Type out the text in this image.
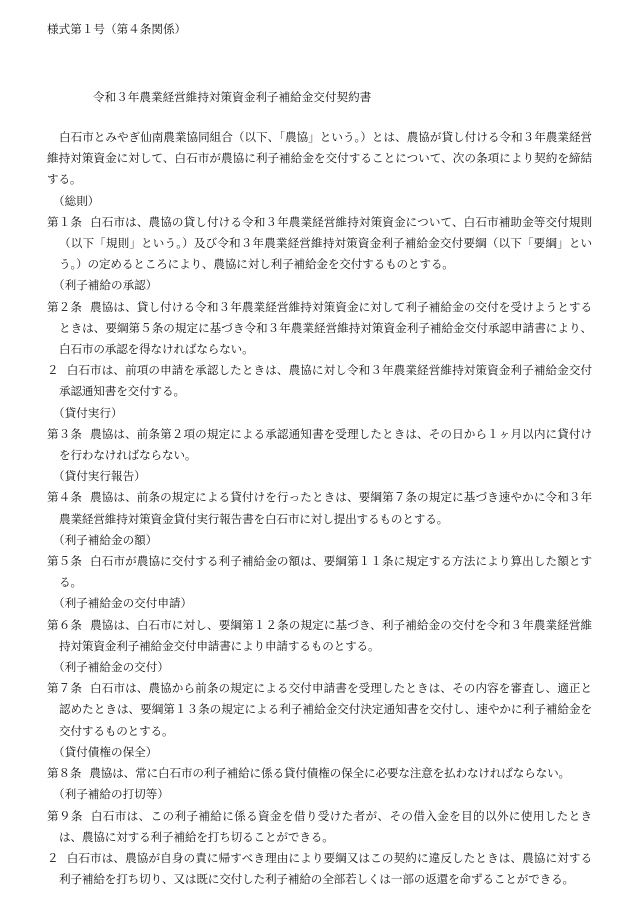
様式第１号（第４条関係）
令和３年農業経営維持対策資金利子補給金交付契約書

白石市とみやぎ仙南農業協同組合（以下、「農協」という。）とは、農協が貸し付ける令和３年農業経営維持対策資金に対して、白石市が農協に利子補給金を交付することについて、次の条項により契約を締結する。

（総則）

第１条 白石市は、農協の貸し付ける令和３年農業経営維持対策資金について、白石市補助金等交付規則（以下「規則」という。）及び令和３年農業経営維持対策資金利子補給金交付要綱（以下「要綱」という。）の定めるところにより、農協に対し利子補給金を交付するものとする。

（利子補給の承認）

第２条 農協は、貸し付ける令和３年農業経営維持対策資金に対して利子補給金の交付を受けようとするときは、要綱第５条の規定に基づき令和３年農業経営維持対策資金利子補給金交付承認申請書により、白石市の承認を得なければならない。

２ 白石市は、前項の申請を承認したときは、農協に対し令和３年農業経営維持対策資金利子補給金交付承認通知書を交付する。

（貸付実行）

第３条 農協は、前条第２項の規定による承認通知書を受理したときは、その日から１ヶ月以内に貸付けを行わなければならない。

（貸付実行報告）

第４条 農協は、前条の規定による貸付けを行ったときは、要綱第７条の規定に基づき速やかに令和３年農業経営維持対策資金貸付実行報告書を白石市に対し提出するものとする。

（利子補給金の額）

第５条 白石市が農協に交付する利子補給金の額は、要綱第１１条に規定する方法により算出した額とする。

（利子補給金の交付申請）

第６条 農協は、白石市に対し、要綱第１２条の規定に基づき、利子補給金の交付を令和３年農業経営維持対策資金利子補給金交付申請書により申請するものとする。

（利子補給金の交付）

第７条 白石市は、農協から前条の規定による交付申請書を受理したときは、その内容を審査し、適正と認めたときは、要綱第１３条の規定による利子補給金交付決定通知書を交付し、速やかに利子補給金を交付するものとする。

（貸付債権の保全）

第８条 農協は、常に白石市の利子補給に係る貸付債権の保全に必要な注意を払わなければならない。

（利子補給の打切等）

第９条 白石市は、この利子補給に係る資金を借り受けた者が、その借入金を目的以外に使用したときは、農協に対する利子補給を打ち切ることができる。

２ 白石市は、農協が自身の責に帰すべき理由により要綱又はこの契約に違反したときは、農協に対する利子補給を打ち切り、又は既に交付した利子補給の全部若しくは一部の返還を命ずることができる。
